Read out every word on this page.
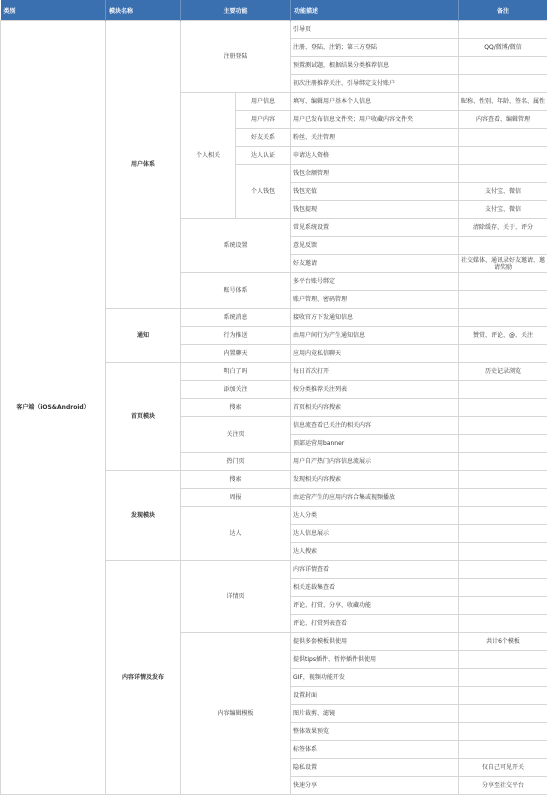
类别	模块名称	主要功能		功能描述	备注
客户端（iOS&Android）	用户体系	注册登陆		引导页	
				注册、登陆、注销；第三方登陆	QQ/微博/微信
				预置测试题，根据结果分类推荐信息	
				初次注册推荐关注、引导绑定支付账户	
		个人相关	用户信息	填写、编辑用户基本个人信息	昵称、性别、年龄、签名、属性
			用户内容	用户已发布信息文件夹；用户收藏内容文件夹	内容查看、编辑管理
			好友关系	粉丝、关注管理	
			达人认证	申请达人资格	
			个人钱包	钱包余额管理	
				钱包充值	支付宝、微信
				钱包提现	支付宝、微信
		系统设置		常见系统设置	清除缓存、关于、评分
				意见反馈	
				好友邀请	社交媒体、通讯录好友邀请、邀请奖励
		账号体系		多平台账号绑定	
				账户管理、密码管理	
	通知	系统消息		接收官方下发通知信息	
		行为推送		由用户间行为产生通知信息	赞赏、评论、@、关注
		内置聊天		应用内竟私信聊天	
	首页模块	明白了吗		每日首次打开	历史记录浏览
		添加关注		按分类推荐关注列表	
		搜索		首页相关内容搜索	
		关注页		信息流查看已关注的相关内容	
				顶部运营用banner	
		热门页		用户自产热门内容信息流展示	
	发现模块	搜索		发现相关内容搜索	
		周报		由运营产生的应用内容合集或视频播放	
		达人		达人分类	
				达人信息展示	
				达人搜索	
	内容详情及发布	详情页		内容详情查看	
				相关连载集查看	
				评论、打赏、分享、收藏功能	
				评论、打赏列表查看	
		内容编辑模板		提供多套模板供使用	共计6个模板
				提供tips插件、暂停插件供使用	
				GIF，视频功能开发	
				设置封面	
				图片裁剪、滤镜	
				整体效果预览	
				标签体系	
				隐私设置	仅自己可见开关
				快速分享	分享至社交平台
